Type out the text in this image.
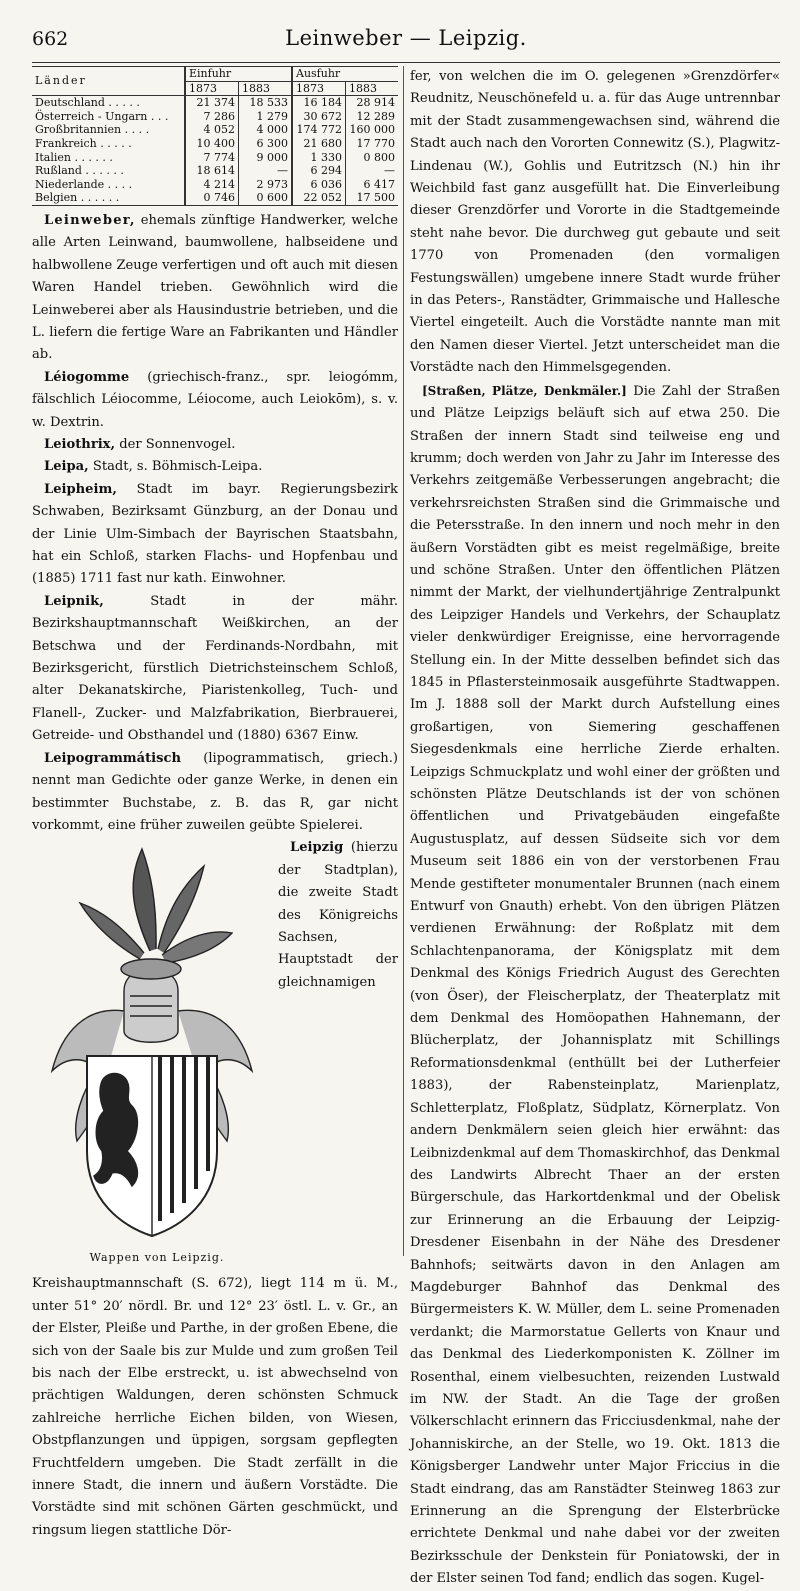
662	Leinweber — Leipzig.
Länder	Einfuhr		Ausfuhr	
	1873	1883	1873	1883
Deutschland . . . . .	21 374	18 533	16 184	28 914
Österreich - Ungarn . . .	7 286	1 279	30 672	12 289
Großbritannien . . . .	4 052	4 000	174 772	160 000
Frankreich . . . . .	10 400	6 300	21 680	17 770
Italien . . . . . .	7 774	9 000	1 330	0 800
Rußland . . . . . .	18 614	—	6 294	—
Niederlande . . . .	4 214	2 973	6 036	6 417
Belgien . . . . . .	0 746	0 600	22 052	17 500

Leinweber, ehemals zünftige Handwerker, welche alle Arten Leinwand, baumwollene, halbseidene und halbwollene Zeuge verfertigen und oft auch mit diesen Waren Handel trieben. Gewöhnlich wird die Leinweberei aber als Hausindustrie betrieben, und die L. liefern die fertige Ware an Fabrikanten und Händler ab.

Léiogomme (griechisch-franz., spr. leiogómm, fälschlich Léiocomme, Léiocome, auch Leiokōm), s. v. w. Dextrin.

Leiothrix, der Sonnenvogel.

Leipa, Stadt, s. Böhmisch-Leipa.

Leipheim, Stadt im bayr. Regierungsbezirk Schwaben, Bezirksamt Günzburg, an der Donau und der Linie Ulm-Simbach der Bayrischen Staatsbahn, hat ein Schloß, starken Flachs- und Hopfenbau und (1885) 1711 fast nur kath. Einwohner.

Leipnik, Stadt in der mähr. Bezirkshauptmannschaft Weißkirchen, an der Betschwa und der Ferdinands-Nordbahn, mit Bezirksgericht, fürstlich Dietrichsteinschem Schloß, alter Dekanatskirche, Piaristenkolleg, Tuch- und Flanell-, Zucker- und Malzfabrikation, Bierbrauerei, Getreide- und Obsthandel und (1880) 6367 Einw.

Leipogrammátisch (lipogrammatisch, griech.) nennt man Gedichte oder ganze Werke, in denen ein bestimmter Buchstabe, z. B. das R, gar nicht vorkommt, eine früher zuweilen geübte Spielerei.

Wappen von Leipzig.
Leipzig (hierzu der Stadtplan), die zweite Stadt des Königreichs Sachsen, Hauptstadt der gleichnamigen Kreishauptmannschaft (S. 672), liegt 114 m ü. M., unter 51° 20′ nördl. Br. und 12° 23′ östl. L. v. Gr., an der Elster, Pleiße und Parthe, in der großen Ebene, die sich von der Saale bis zur Mulde und zum großen Teil bis nach der Elbe erstreckt, u. ist abwechselnd von prächtigen Waldungen, deren schönsten Schmuck zahlreiche herrliche Eichen bilden, von Wiesen, Obstpflanzungen und üppigen, sorgsam gepflegten Fruchtfeldern umgeben. Die Stadt zerfällt in die innere Stadt, die innern und äußern Vorstädte. Die Vorstädte sind mit schönen Gärten geschmückt, und ringsum liegen stattliche Dör-

fer, von welchen die im O. gelegenen »Grenzdörfer« Reudnitz, Neuschönefeld u. a. für das Auge untrennbar mit der Stadt zusammengewachsen sind, während die Stadt auch nach den Vororten Connewitz (S.), Plagwitz-Lindenau (W.), Gohlis und Eutritzsch (N.) hin ihr Weichbild fast ganz ausgefüllt hat. Die Einverleibung dieser Grenzdörfer und Vororte in die Stadtgemeinde steht nahe bevor. Die durchweg gut gebaute und seit 1770 von Promenaden (den vormaligen Festungswällen) umgebene innere Stadt wurde früher in das Peters-, Ranstädter, Grimmaische und Hallesche Viertel eingeteilt. Auch die Vorstädte nannte man mit den Namen dieser Viertel. Jetzt unterscheidet man die Vorstädte nach den Himmelsgegenden.

[Straßen, Plätze, Denkmäler.] Die Zahl der Straßen und Plätze Leipzigs beläuft sich auf etwa 250. Die Straßen der innern Stadt sind teilweise eng und krumm; doch werden von Jahr zu Jahr im Interesse des Verkehrs zeitgemäße Verbesserungen angebracht; die verkehrsreichsten Straßen sind die Grimmaische und die Petersstraße. In den innern und noch mehr in den äußern Vorstädten gibt es meist regelmäßige, breite und schöne Straßen. Unter den öffentlichen Plätzen nimmt der Markt, der vielhundertjährige Zentralpunkt des Leipziger Handels und Verkehrs, der Schauplatz vieler denkwürdiger Ereignisse, eine hervorragende Stellung ein. In der Mitte desselben befindet sich das 1845 in Pflastersteinmosaik ausgeführte Stadtwappen. Im J. 1888 soll der Markt durch Aufstellung eines großartigen, von Siemering geschaffenen Siegesdenkmals eine herrliche Zierde erhalten. Leipzigs Schmuckplatz und wohl einer der größten und schönsten Plätze Deutschlands ist der von schönen öffentlichen und Privatgebäuden eingefaßte Augustusplatz, auf dessen Südseite sich vor dem Museum seit 1886 ein von der verstorbenen Frau Mende gestifteter monumentaler Brunnen (nach einem Entwurf von Gnauth) erhebt. Von den übrigen Plätzen verdienen Erwähnung: der Roßplatz mit dem Schlachtenpanorama, der Königsplatz mit dem Denkmal des Königs Friedrich August des Gerechten (von Öser), der Fleischerplatz, der Theaterplatz mit dem Denkmal des Homöopathen Hahnemann, der Blücherplatz, der Johannisplatz mit Schillings Reformationsdenkmal (enthüllt bei der Lutherfeier 1883), der Rabensteinplatz, Marienplatz, Schletterplatz, Floßplatz, Südplatz, Körnerplatz. Von andern Denkmälern seien gleich hier erwähnt: das Leibnizdenkmal auf dem Thomaskirchhof, das Denkmal des Landwirts Albrecht Thaer an der ersten Bürgerschule, das Harkortdenkmal und der Obelisk zur Erinnerung an die Erbauung der Leipzig-Dresdener Eisenbahn in der Nähe des Dresdener Bahnhofs; seitwärts davon in den Anlagen am Magdeburger Bahnhof das Denkmal des Bürgermeisters K. W. Müller, dem L. seine Promenaden verdankt; die Marmorstatue Gellerts von Knaur und das Denkmal des Liederkomponisten K. Zöllner im Rosenthal, einem vielbesuchten, reizenden Lustwald im NW. der Stadt. An die Tage der großen Völkerschlacht erinnern das Fricciusdenkmal, nahe der Johanniskirche, an der Stelle, wo 19. Okt. 1813 die Königsberger Landwehr unter Major Friccius in die Stadt eindrang, das am Ranstädter Steinweg 1863 zur Erinnerung an die Sprengung der Elsterbrücke errichtete Denkmal und nahe dabei vor der zweiten Bezirksschule der Denkstein für Poniatowski, der in der Elster seinen Tod fand; endlich das sogen. Kugel-
